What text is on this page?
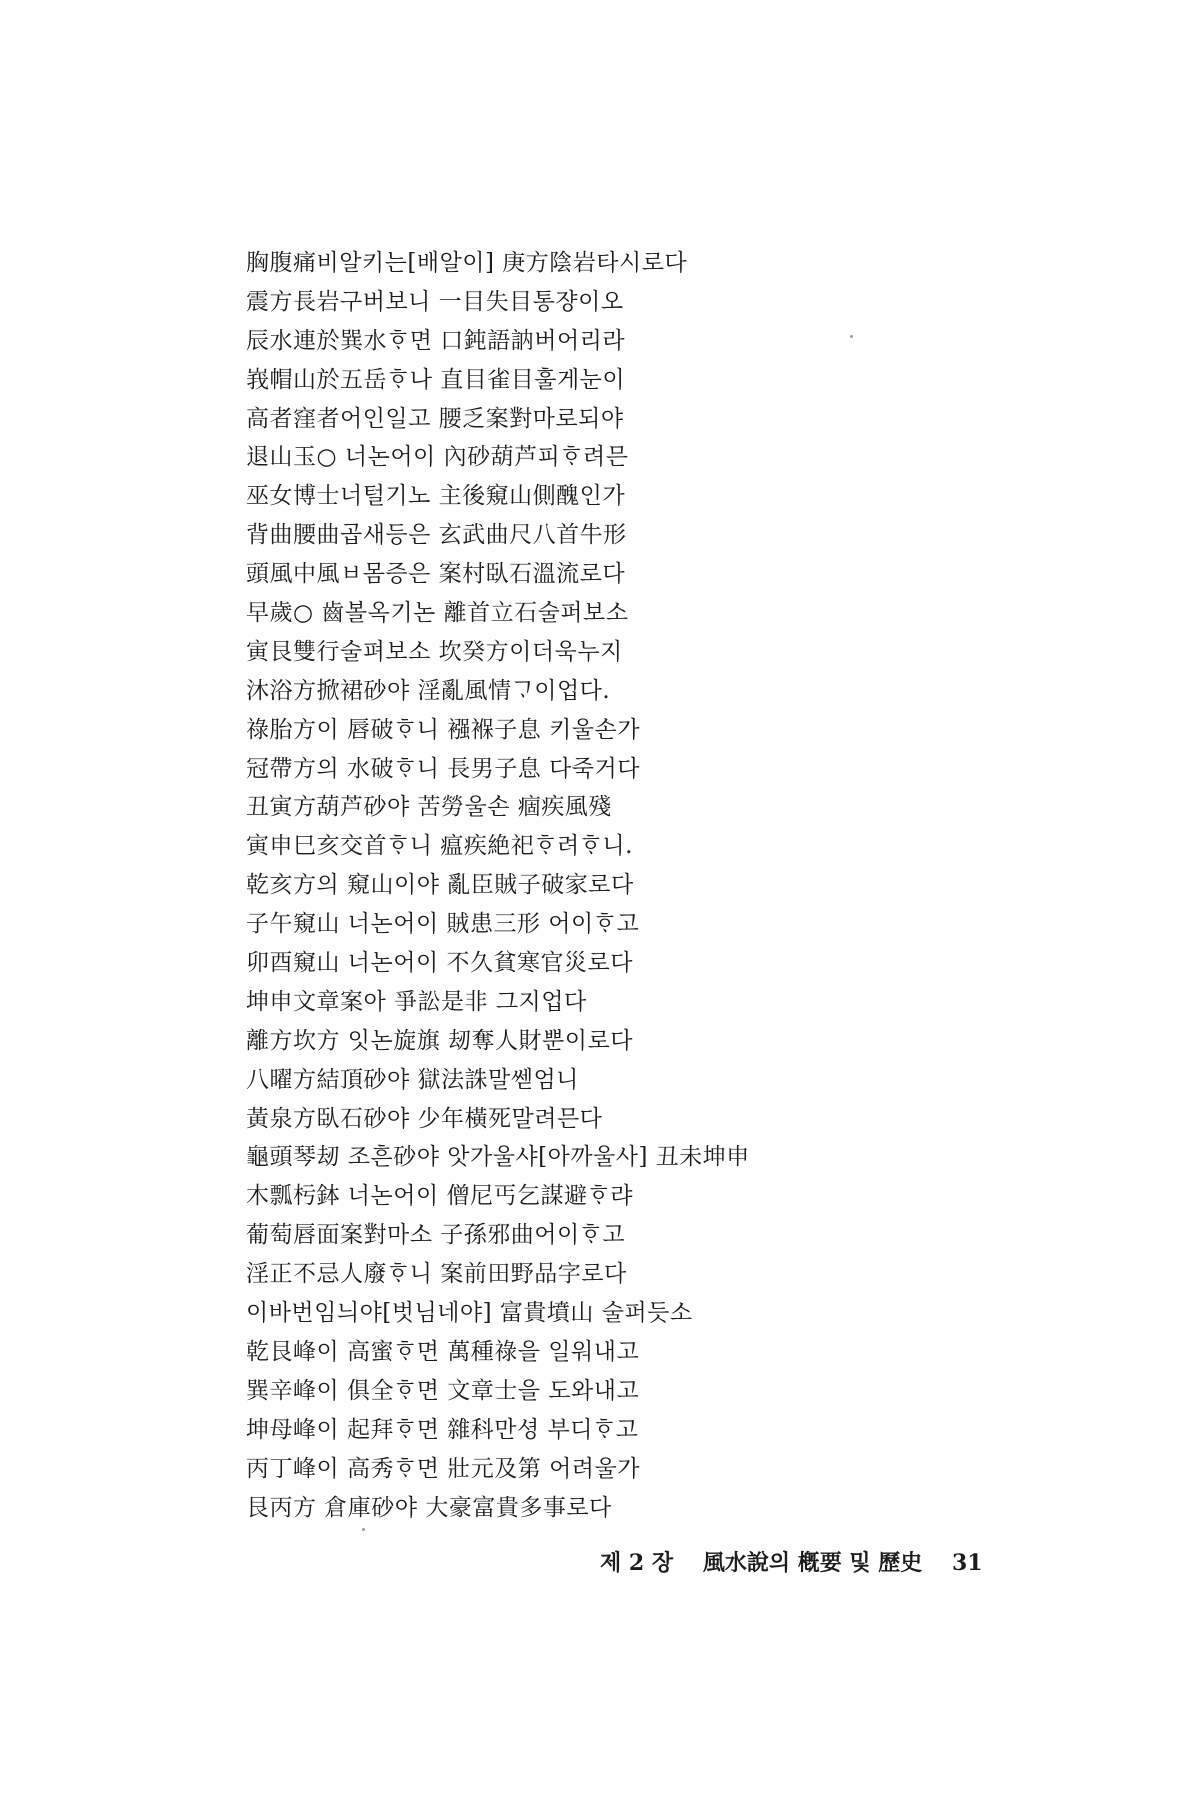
胸腹痛비알키는[배알이] 庚方陰岩타시로다
震方長岩구버보니 一目失目통쟝이오
辰水連於巽水ᄒᆞ면 口鈍語訥버어리라
峩帽山於五岳ᄒᆞ나 直目雀目훌게눈이
高者窪者어인일고 腰乏案對마로되야
退山玉○ 너논어이 內砂葫芦피ᄒᆞ려믄
巫女博士너털기노 主後窺山側醜인가
背曲腰曲곱새등은 玄武曲尺八首牛形
頭風中風ㅂ몸증은 案村臥石溫流로다
早歲○ 齒볼옥기논 離首立石술퍼보소
寅艮雙行술펴보소 坎癸方이더욱누지
沐浴方掀裙砂야 淫亂風情ᄀᆞ이업다.
祿胎方이 唇破ᄒᆞ니 襁褓子息 키울손가
冠帶方의 水破ᄒᆞ니 長男子息 다죽거다
丑寅方葫芦砂야 苦勞울손 痼疾風殘
寅申巳亥交首ᄒᆞ니 瘟疾絶祀ᄒᆞ려ᄒᆞ니.
乾亥方의 窺山이야 亂臣賊子破家로다
子午窺山 너논어이 賊患三形 어이ᄒᆞ고
卯酉窺山 너논어이 不久貧寒官災로다
坤申文章案아 爭訟是非 그지업다
離方坎方 잇논旋旗 刼奪人財뿐이로다
八曜方結頂砂야 獄法誅말쎋엄니
黃泉方臥石砂야 少年橫死말려믄다
龜頭琴刼 조흔砂야 앗가울샤[아까울사] 丑未坤申
木瓢杇鉢 너논어이 僧尼丐乞謀避ᄒᆞ랴
葡萄唇面案對마소 子孫邪曲어이ᄒᆞ고
淫正不忌人廢ᄒᆞ니 案前田野品字로다
이바번임늬야[벗님네야] 富貴墳山 술퍼듯소
乾艮峰이 高蜜ᄒᆞ면 萬種祿을 일워내고
巽辛峰이 俱全ᄒᆞ면 文章士을 도와내고
坤母峰이 起拜ᄒᆞ면 雜科만셩 부디ᄒᆞ고
丙丁峰이 高秀ᄒᆞ면 壯元及第 어려울가
艮丙方 倉庫砂야 大豪富貴多事로다
제 2 장 風水說의 槪要 및 歷史 31
